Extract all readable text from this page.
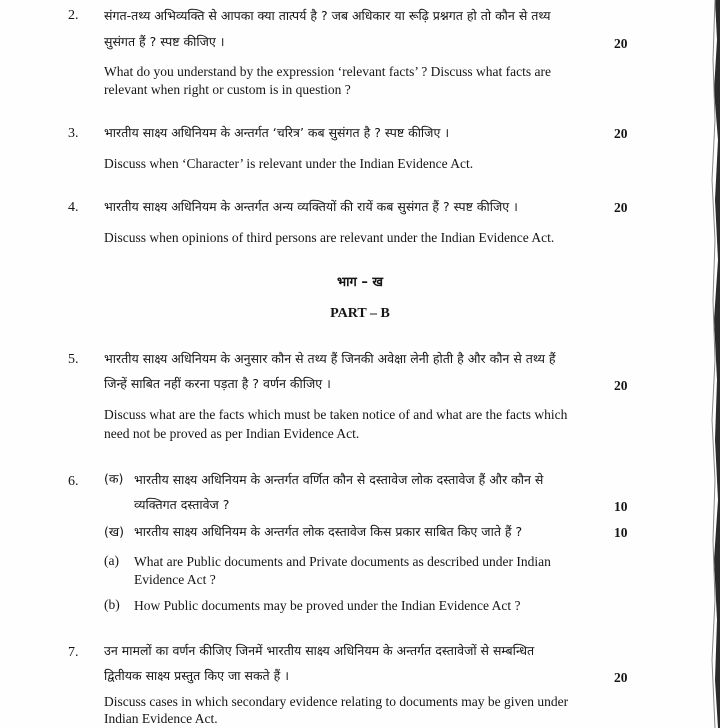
2. संगत-तथ्य अभिव्यक्ति से आपका क्या तात्पर्य है ? जब अधिकार या रूढ़ि प्रश्नगत हो तो कौन से तथ्य
सुसंगत हैं ? स्पष्ट कीजिए ।	20
What do you understand by the expression ‘relevant facts’ ? Discuss what facts are
relevant when right or custom is in question ?
3. भारतीय साक्ष्य अधिनियम के अन्तर्गत ‘चरित्र’ कब सुसंगत है ? स्पष्ट कीजिए ।	20
Discuss when ‘Character’ is relevant under the Indian Evidence Act.
4. भारतीय साक्ष्य अधिनियम के अन्तर्गत अन्य व्यक्तियों की रायें कब सुसंगत हैं ? स्पष्ट कीजिए ।	20
Discuss when opinions of third persons are relevant under the Indian Evidence Act.
भाग – ख
PART – B
5. भारतीय साक्ष्य अधिनियम के अनुसार कौन से तथ्य हैं जिनकी अवेक्षा लेनी होती है और कौन से तथ्य हैं
जिन्हें साबित नहीं करना पड़ता है ? वर्णन कीजिए ।	20
Discuss what are the facts which must be taken notice of and what are the facts which
need not be proved as per Indian Evidence Act.
6. (क) भारतीय साक्ष्य अधिनियम के अन्तर्गत वर्णित कौन से दस्तावेज लोक दस्तावेज हैं और कौन से
व्यक्तिगत दस्तावेज ?	10
(ख) भारतीय साक्ष्य अधिनियम के अन्तर्गत लोक दस्तावेज किस प्रकार साबित किए जाते हैं ?	10
(a) What are Public documents and Private documents as described under Indian
Evidence Act ?
(b) How Public documents may be proved under the Indian Evidence Act ?
7. उन मामलों का वर्णन कीजिए जिनमें भारतीय साक्ष्य अधिनियम के अन्तर्गत दस्तावेजों से सम्बन्धित
द्वितीयक साक्ष्य प्रस्तुत किए जा सकते हैं ।	20
Discuss cases in which secondary evidence relating to documents may be given under
Indian Evidence Act.
